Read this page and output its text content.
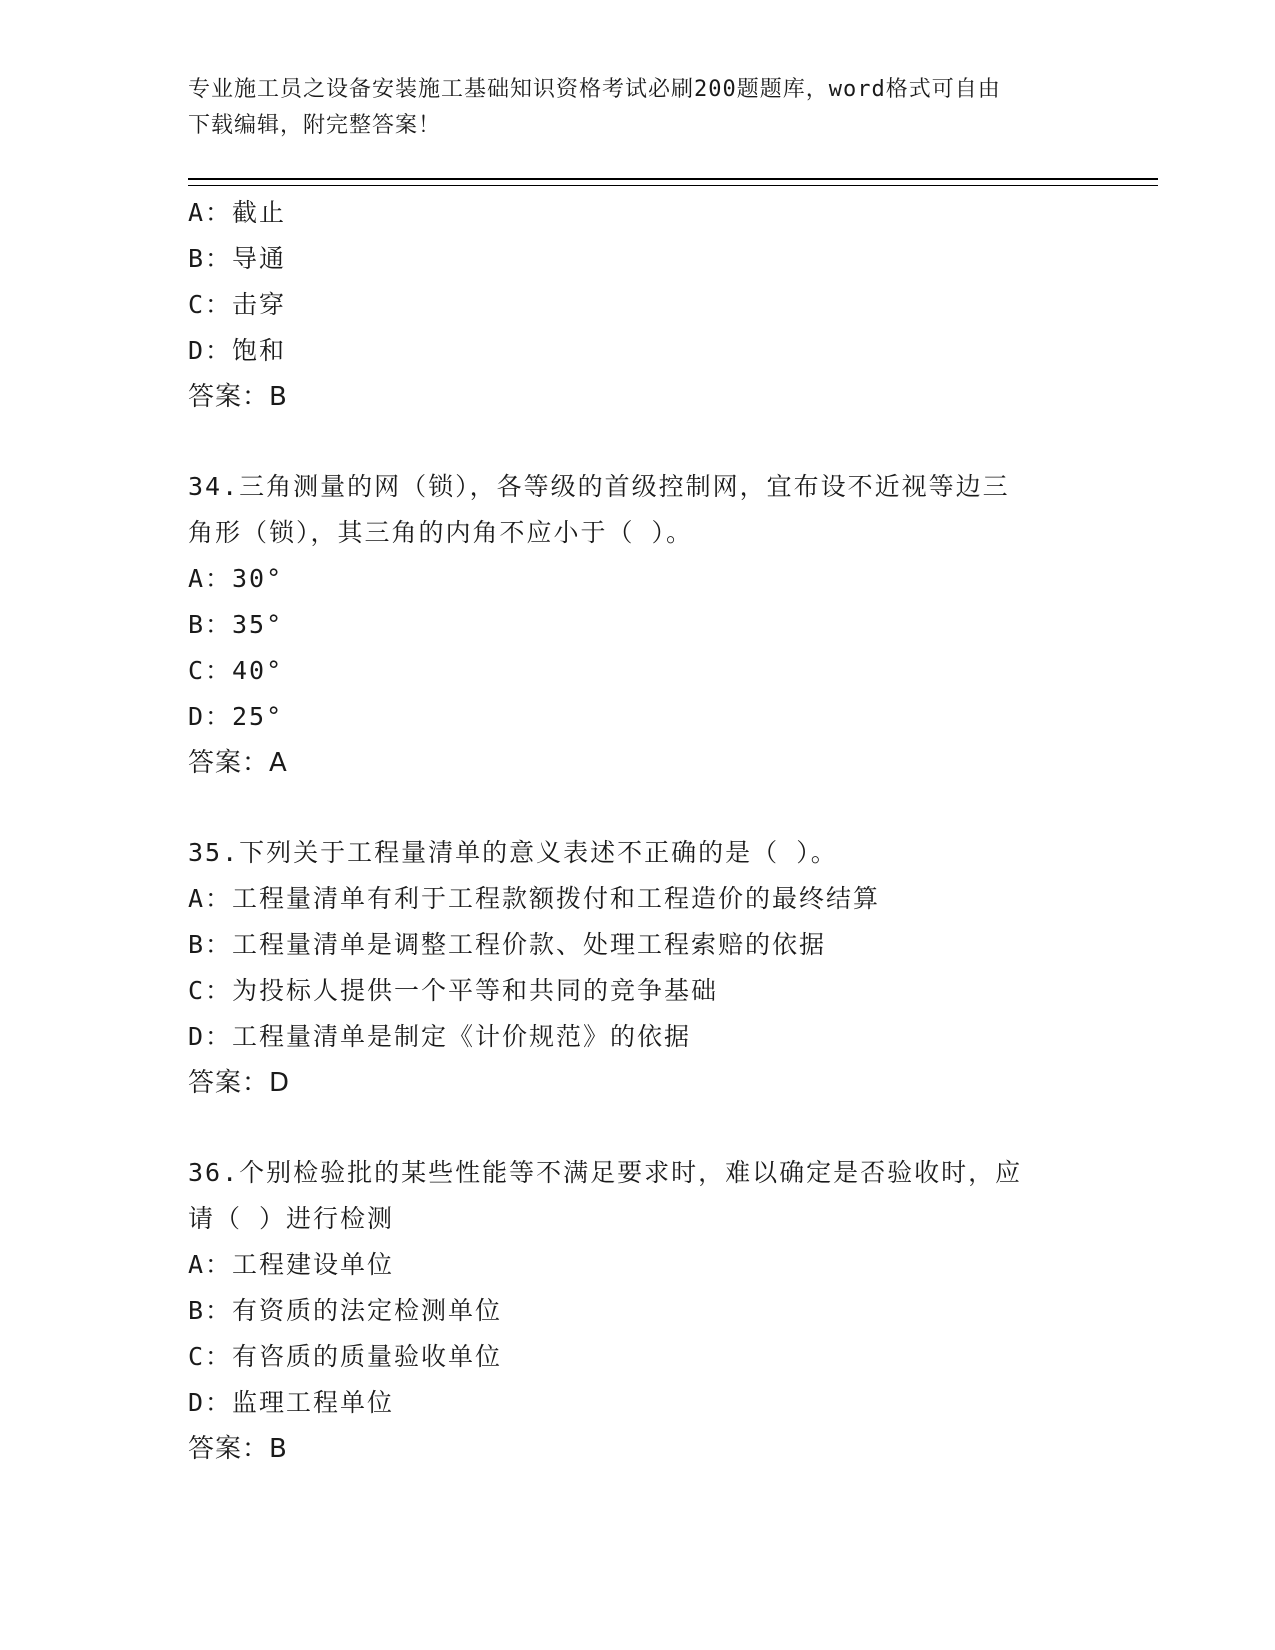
专业施工员之设备安装施工基础知识资格考试必刷200题题库，word格式可自由
下载编辑，附完整答案！
A：截止
B：导通
C：击穿
D：饱和
答案：B
34.三角测量的网（锁），各等级的首级控制网，宜布设不近视等边三
角形（锁），其三角的内角不应小于（ ）。
A：30°
B：35°
C：40°
D：25°
答案：A
35.下列关于工程量清单的意义表述不正确的是（ ）。
A：工程量清单有利于工程款额拨付和工程造价的最终结算
B：工程量清单是调整工程价款、处理工程索赔的依据
C：为投标人提供一个平等和共同的竞争基础
D：工程量清单是制定《计价规范》的依据
答案：D
36.个别检验批的某些性能等不满足要求时，难以确定是否验收时，应
请（ ）进行检测
A：工程建设单位
B：有资质的法定检测单位
C：有咨质的质量验收单位
D：监理工程单位
答案：B
